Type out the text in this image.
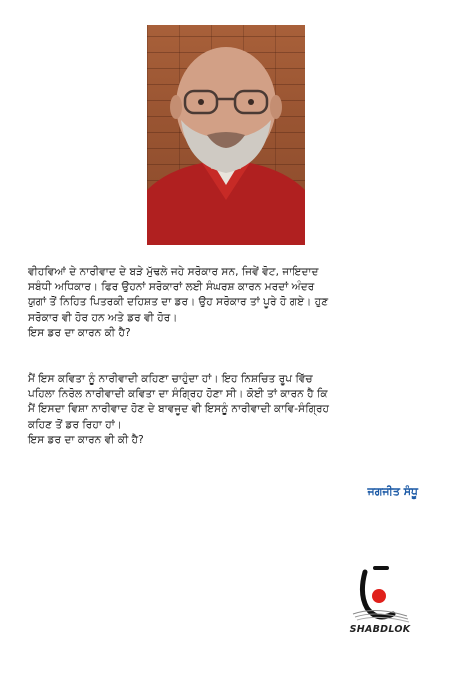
ਵੀਹਵਿਆਂ ਦੇ ਨਾਰੀਵਾਦ ਦੇ ਬੜੇ ਮੁੱਢਲੇ ਜਹੇ ਸਰੋਕਾਰ ਸਨ, ਜਿਵੇਂ ਵੋਟ, ਜਾਇਦਾਦ
ਸਬੰਧੀ ਅਧਿਕਾਰ। ਫਿਰ ਉਹਨਾਂ ਸਰੋਕਾਰਾਂ ਲਈ ਸੰਘਰਸ਼ ਕਾਰਨ ਮਰਦਾਂ ਅੰਦਰ
ਯੁਗਾਂ ਤੋਂ ਨਿਹਿਤ ਪਿਤਰਕੀ ਦਹਿਸ਼ਤ ਦਾ ਡਰ। ਉਹ ਸਰੋਕਾਰ ਤਾਂ ਪੂਰੇ ਹੋ ਗਏ। ਹੁਣ
ਸਰੋਕਾਰ ਵੀ ਹੋਰ ਹਨ ਅਤੇ ਡਰ ਵੀ ਹੋਰ।
ਇਸ ਡਰ ਦਾ ਕਾਰਨ ਕੀ ਹੈ?

ਮੈਂ ਇਸ ਕਵਿਤਾ ਨੂੰ ਨਾਰੀਵਾਦੀ ਕਹਿਣਾ ਚਾਹੁੰਦਾ ਹਾਂ। ਇਹ ਨਿਸ਼ਚਿਤ ਰੂਪ ਵਿੱਚ
ਪਹਿਲਾ ਨਿਰੋਲ ਨਾਰੀਵਾਦੀ ਕਵਿਤਾ ਦਾ ਸੰਗ੍ਰਿਹ ਹੋਣਾ ਸੀ। ਕੋਈ ਤਾਂ ਕਾਰਨ ਹੈ ਕਿ
ਮੈਂ ਇਸਦਾ ਵਿਸ਼ਾ ਨਾਰੀਵਾਦ ਹੋਣ ਦੇ ਬਾਵਜੂਦ ਵੀ ਇਸਨੂੰ ਨਾਰੀਵਾਦੀ ਕਾਵਿ-ਸੰਗ੍ਰਿਹ
ਕਹਿਣ ਤੋਂ ਡਰ ਰਿਹਾ ਹਾਂ।
ਇਸ ਡਰ ਦਾ ਕਾਰਨ ਵੀ ਕੀ ਹੈ?

ਜਗਜੀਤ ਸੰਧੂ
SHABDLOK
